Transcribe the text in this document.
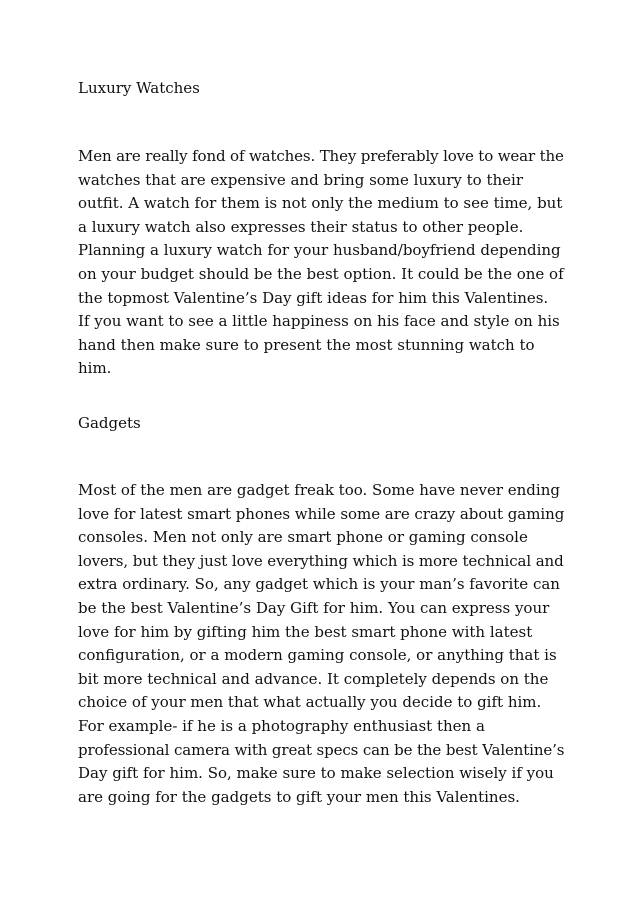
Luxury Watches
Men are really fond of watches. They preferably love to wear the
watches that are expensive and bring some luxury to their
outfit. A watch for them is not only the medium to see time, but
a luxury watch also expresses their status to other people.
Planning a luxury watch for your husband/boyfriend depending
on your budget should be the best option. It could be the one of
the topmost Valentine’s Day gift ideas for him this Valentines.
If you want to see a little happiness on his face and style on his
hand then make sure to present the most stunning watch to
him.
Gadgets
Most of the men are gadget freak too. Some have never ending
love for latest smart phones while some are crazy about gaming
consoles. Men not only are smart phone or gaming console
lovers, but they just love everything which is more technical and
extra ordinary. So, any gadget which is your man’s favorite can
be the best Valentine’s Day Gift for him. You can express your
love for him by gifting him the best smart phone with latest
configuration, or a modern gaming console, or anything that is
bit more technical and advance. It completely depends on the
choice of your men that what actually you decide to gift him.
For example- if he is a photography enthusiast then a
professional camera with great specs can be the best Valentine’s
Day gift for him. So, make sure to make selection wisely if you
are going for the gadgets to gift your men this Valentines.
